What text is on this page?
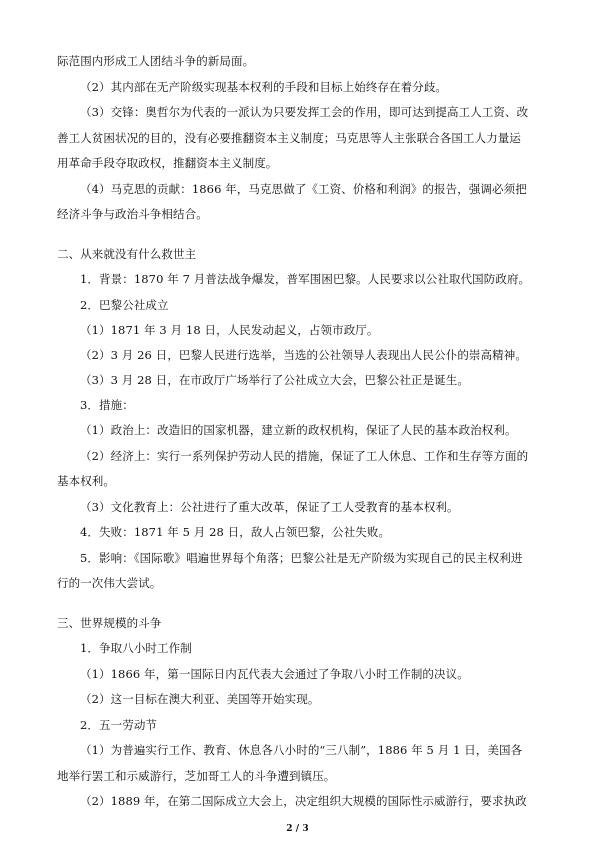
际范围内形成工人团结斗争的新局面。
（2）其内部在无产阶级实现基本权利的手段和目标上始终存在着分歧。
（3）交锋：奥哲尔为代表的一派认为只要发挥工会的作用，即可达到提高工人工资、改
善工人贫困状况的目的，没有必要推翻资本主义制度；马克思等人主张联合各国工人力量运
用革命手段夺取政权，推翻资本主义制度。
（4）马克思的贡献：1866 年，马克思做了《工资、价格和利润》的报告，强调必须把
经济斗争与政治斗争相结合。
二、从来就没有什么救世主
1．背景：1870 年 7 月普法战争爆发，普军围困巴黎。人民要求以公社取代国防政府。
2．巴黎公社成立
（1）1871 年 3 月 18 日，人民发动起义，占领市政厅。
（2）3 月 26 日，巴黎人民进行选举，当选的公社领导人表现出人民公仆的崇高精神。
（3）3 月 28 日，在市政厅广场举行了公社成立大会，巴黎公社正是诞生。
3．措施：
（1）政治上：改造旧的国家机器，建立新的政权机构，保证了人民的基本政治权利。
（2）经济上：实行一系列保护劳动人民的措施，保证了工人休息、工作和生存等方面的
基本权利。
（3）文化教育上：公社进行了重大改革，保证了工人受教育的基本权利。
4．失败：1871 年 5 月 28 日，敌人占领巴黎，公社失败。
5．影响：《国际歌》唱遍世界每个角落；巴黎公社是无产阶级为实现自己的民主权利进
行的一次伟大尝试。
三、世界规模的斗争
1．争取八小时工作制
（1）1866 年，第一国际日内瓦代表大会通过了争取八小时工作制的决议。
（2）这一目标在澳大利亚、美国等开始实现。
2．五一劳动节
（1）为普遍实行工作、教育、休息各八小时的“三八制”，1886 年 5 月 1 日，美国各
地举行罢工和示威游行，芝加哥工人的斗争遭到镇压。
（2）1889 年，在第二国际成立大会上，决定组织大规模的国际性示威游行，要求执政
2 / 3
